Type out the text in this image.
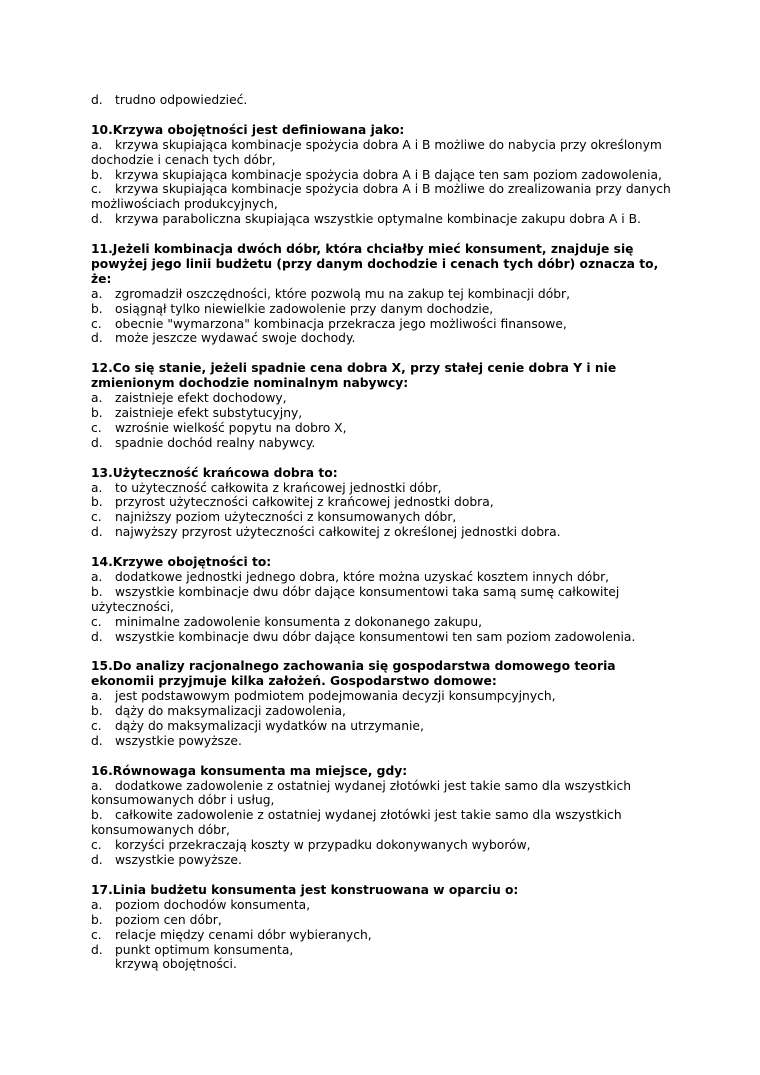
d. trudno odpowiedzieć.
10.Krzywa obojętności jest definiowana jako:
a. krzywa skupiająca kombinacje spożycia dobra A i B możliwe do nabycia przy określonym dochodzie i cenach tych dóbr,
b. krzywa skupiająca kombinacje spożycia dobra A i B dające ten sam poziom zadowolenia,
c. krzywa skupiająca kombinacje spożycia dobra A i B możliwe do zrealizowania przy danych możliwościach produkcyjnych,
d. krzywa paraboliczna skupiająca wszystkie optymalne kombinacje zakupu dobra A i B.
11.Jeżeli kombinacja dwóch dóbr, która chciałby mieć konsument, znajduje się powyżej jego linii budżetu (przy danym dochodzie i cenach tych dóbr) oznacza to, że:
a. zgromadził oszczędności, które pozwolą mu na zakup tej kombinacji dóbr,
b. osiągnął tylko niewielkie zadowolenie przy danym dochodzie,
c. obecnie "wymarzona" kombinacja przekracza jego możliwości finansowe,
d. może jeszcze wydawać swoje dochody.
12.Co się stanie, jeżeli spadnie cena dobra X, przy stałej cenie dobra Y i nie zmienionym dochodzie nominalnym nabywcy:
a. zaistnieje efekt dochodowy,
b. zaistnieje efekt substytucyjny,
c. wzrośnie wielkość popytu na dobro X,
d. spadnie dochód realny nabywcy.
13.Użyteczność krańcowa dobra to:
a. to użyteczność całkowita z krańcowej jednostki dóbr,
b. przyrost użyteczności całkowitej z krańcowej jednostki dobra,
c. najniższy poziom użyteczności z konsumowanych dóbr,
d. najwyższy przyrost użyteczności całkowitej z określonej jednostki dobra.
14.Krzywe obojętności to:
a. dodatkowe jednostki jednego dobra, które można uzyskać kosztem innych dóbr,
b. wszystkie kombinacje dwu dóbr dające konsumentowi taka samą sumę całkowitej użyteczności,
c. minimalne zadowolenie konsumenta z dokonanego zakupu,
d. wszystkie kombinacje dwu dóbr dające konsumentowi ten sam poziom zadowolenia.
15.Do analizy racjonalnego zachowania się gospodarstwa domowego teoria ekonomii przyjmuje kilka założeń. Gospodarstwo domowe:
a. jest podstawowym podmiotem podejmowania decyzji konsumpcyjnych,
b. dąży do maksymalizacji zadowolenia,
c. dąży do maksymalizacji wydatków na utrzymanie,
d. wszystkie powyższe.
16.Równowaga konsumenta ma miejsce, gdy:
a. dodatkowe zadowolenie z ostatniej wydanej złotówki jest takie samo dla wszystkich konsumowanych dóbr i usług,
b. całkowite zadowolenie z ostatniej wydanej złotówki jest takie samo dla wszystkich konsumowanych dóbr,
c. korzyści przekraczają koszty w przypadku dokonywanych wyborów,
d. wszystkie powyższe.
17.Linia budżetu konsumenta jest konstruowana w oparciu o:
a. poziom dochodów konsumenta,
b. poziom cen dóbr,
c. relacje między cenami dóbr wybieranych,
d. punkt optimum konsumenta,
krzywą obojętności.
